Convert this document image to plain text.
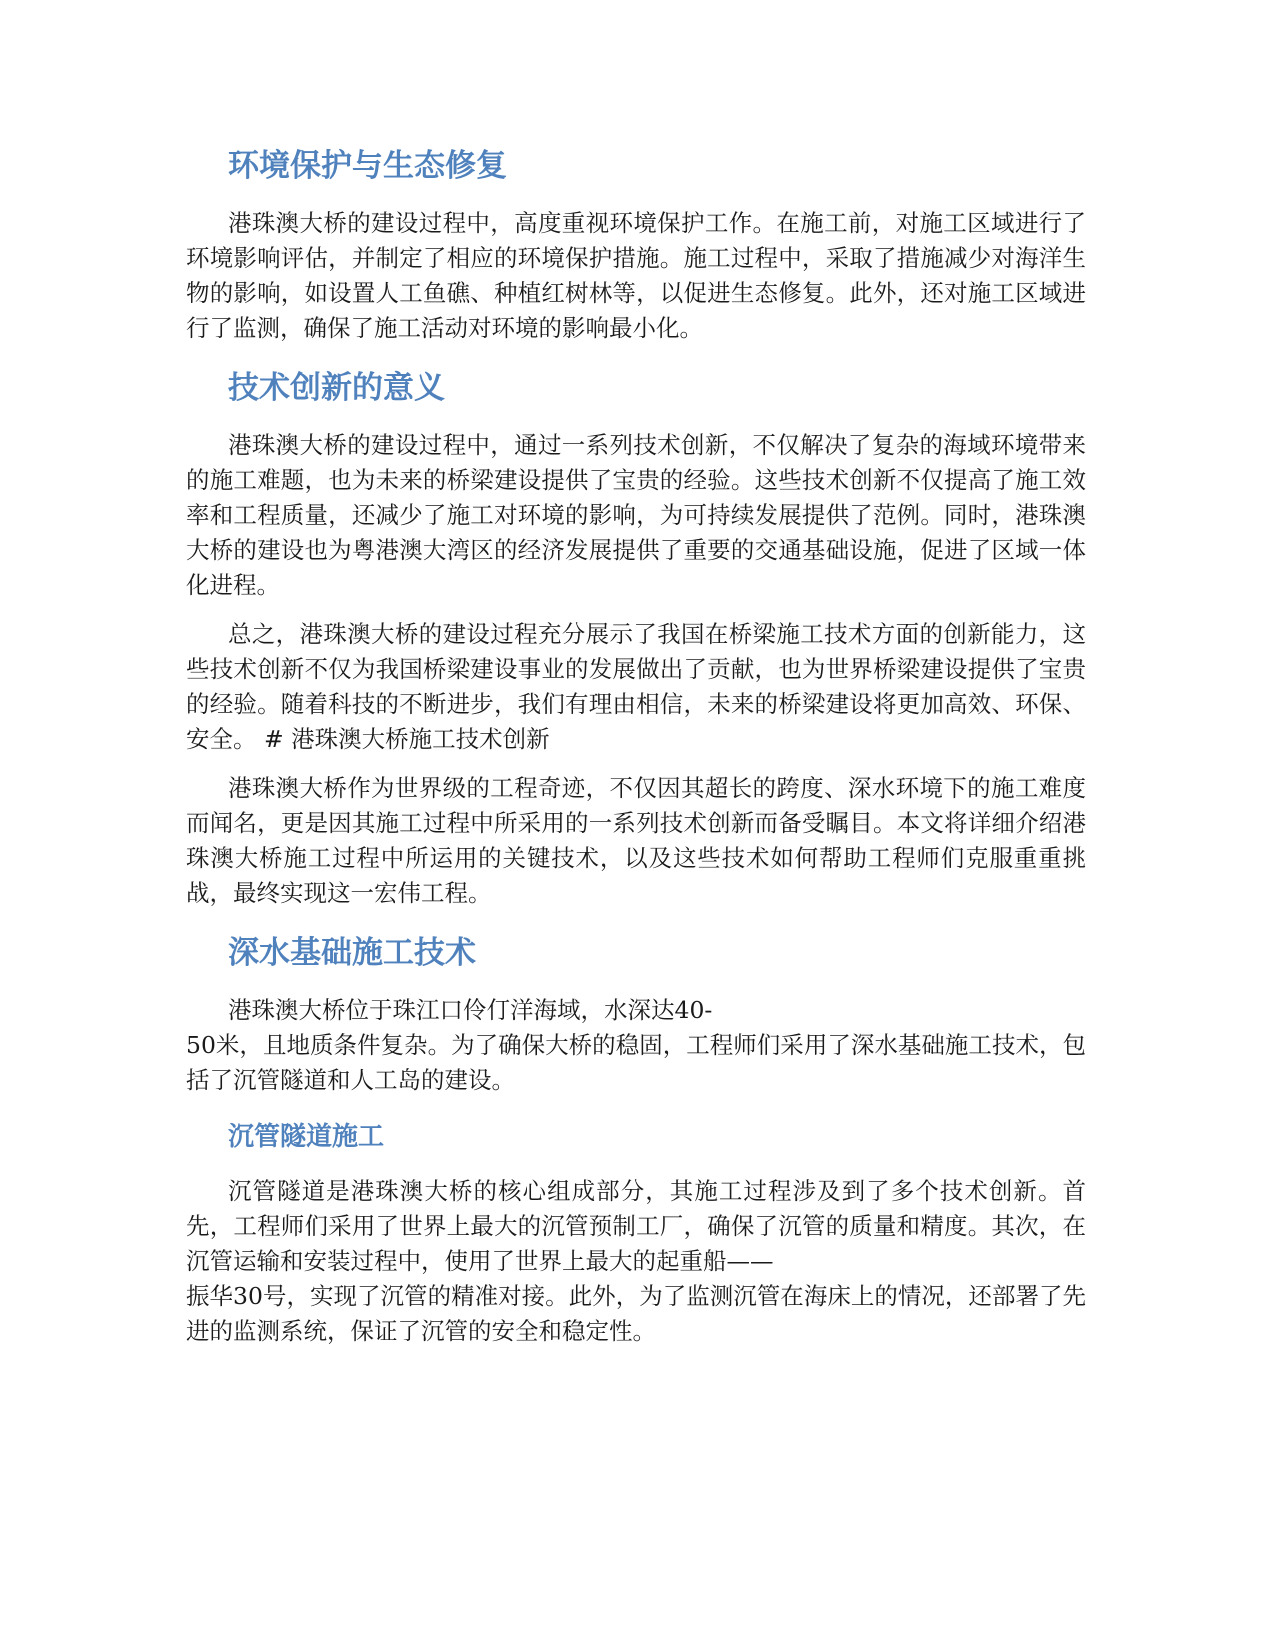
环境保护与生态修复

港珠澳大桥的建设过程中，高度重视环境保护工作。在施工前，对施工区域进行了环境影响评估，并制定了相应的环境保护措施。施工过程中，采取了措施减少对海洋生物的影响，如设置人工鱼礁、种植红树林等，以促进生态修复。此外，还对施工区域进行了监测，确保了施工活动对环境的影响最小化。

技术创新的意义

港珠澳大桥的建设过程中，通过一系列技术创新，不仅解决了复杂的海域环境带来的施工难题，也为未来的桥梁建设提供了宝贵的经验。这些技术创新不仅提高了施工效率和工程质量，还减少了施工对环境的影响，为可持续发展提供了范例。同时，港珠澳大桥的建设也为粤港澳大湾区的经济发展提供了重要的交通基础设施，促进了区域一体化进程。

总之，港珠澳大桥的建设过程充分展示了我国在桥梁施工技术方面的创新能力，这些技术创新不仅为我国桥梁建设事业的发展做出了贡献，也为世界桥梁建设提供了宝贵的经验。随着科技的不断进步，我们有理由相信，未来的桥梁建设将更加高效、环保、安全。 # 港珠澳大桥施工技术创新

港珠澳大桥作为世界级的工程奇迹，不仅因其超长的跨度、深水环境下的施工难度而闻名，更是因其施工过程中所采用的一系列技术创新而备受瞩目。本文将详细介绍港珠澳大桥施工过程中所运用的关键技术，以及这些技术如何帮助工程师们克服重重挑战，最终实现这一宏伟工程。

深水基础施工技术

港珠澳大桥位于珠江口伶仃洋海域，水深达40-
50米，且地质条件复杂。为了确保大桥的稳固，工程师们采用了深水基础施工技术，包括了沉管隧道和人工岛的建设。

沉管隧道施工

沉管隧道是港珠澳大桥的核心组成部分，其施工过程涉及到了多个技术创新。首先，工程师们采用了世界上最大的沉管预制工厂，确保了沉管的质量和精度。其次，在沉管运输和安装过程中，使用了世界上最大的起重船——
振华30号，实现了沉管的精准对接。此外，为了监测沉管在海床上的情况，还部署了先进的监测系统，保证了沉管的安全和稳定性。
